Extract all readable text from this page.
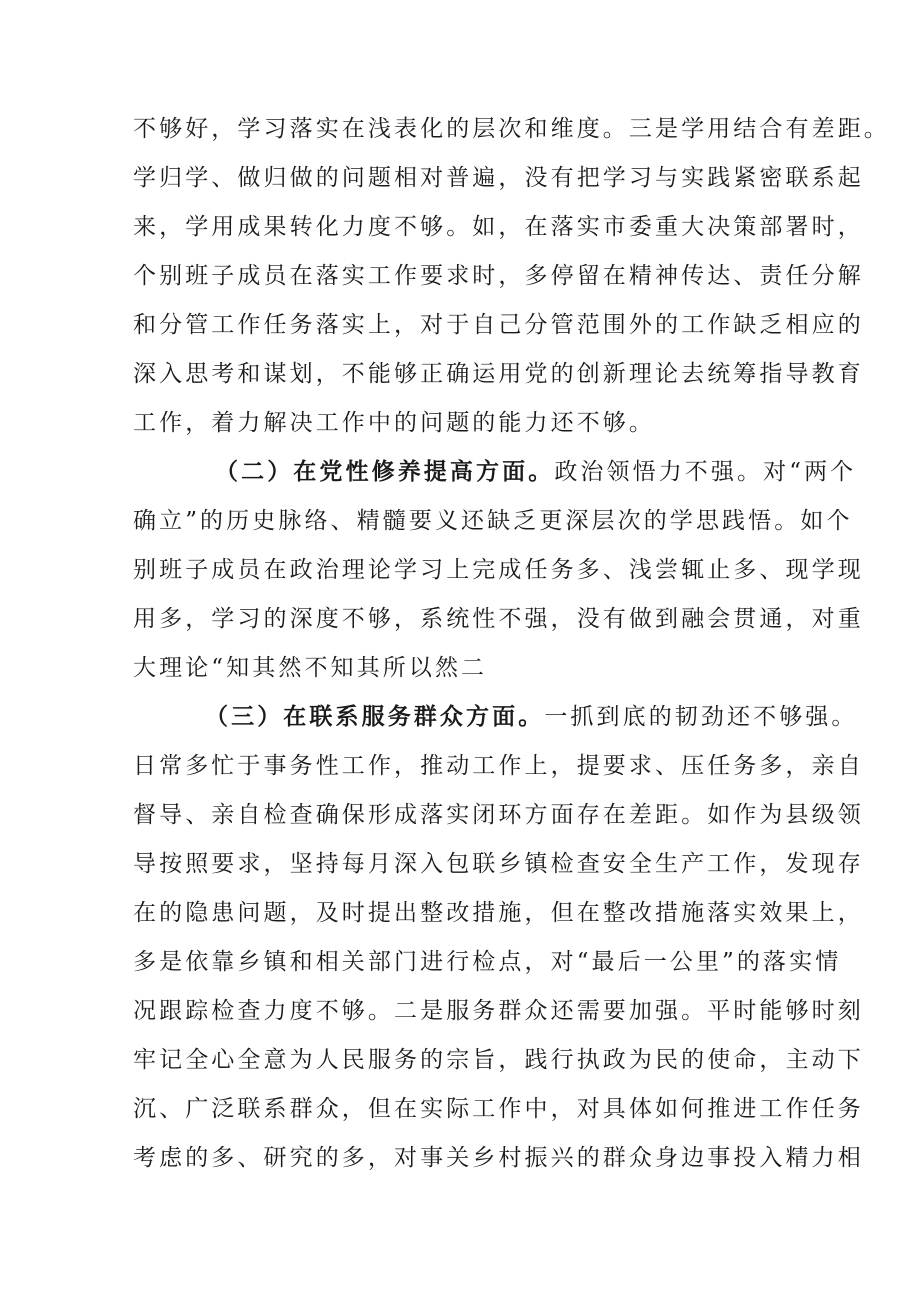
不够好，学习落实在浅表化的层次和维度。三是学用结合有差距。
学归学、做归做的问题相对普遍，没有把学习与实践紧密联系起
来，学用成果转化力度不够。如，在落实市委重大决策部署时，
个别班子成员在落实工作要求时，多停留在精神传达、责任分解
和分管工作任务落实上，对于自己分管范围外的工作缺乏相应的
深入思考和谋划，不能够正确运用党的创新理论去统筹指导教育
工作，着力解决工作中的问题的能力还不够。
（二）在党性修养提高方面。政治领悟力不强。对“两个
确立”的历史脉络、精髓要义还缺乏更深层次的学思践悟。如个
别班子成员在政治理论学习上完成任务多、浅尝辄止多、现学现
用多，学习的深度不够，系统性不强，没有做到融会贯通，对重
大理论“知其然不知其所以然二
（三）在联系服务群众方面。一抓到底的韧劲还不够强。
日常多忙于事务性工作，推动工作上，提要求、压任务多，亲自
督导、亲自检查确保形成落实闭环方面存在差距。如作为县级领
导按照要求，坚持每月深入包联乡镇检查安全生产工作，发现存
在的隐患问题，及时提出整改措施，但在整改措施落实效果上，
多是依靠乡镇和相关部门进行检点，对“最后一公里”的落实情
况跟踪检查力度不够。二是服务群众还需要加强。平时能够时刻
牢记全心全意为人民服务的宗旨，践行执政为民的使命，主动下
沉、广泛联系群众，但在实际工作中，对具体如何推进工作任务
考虑的多、研究的多，对事关乡村振兴的群众身边事投入精力相
